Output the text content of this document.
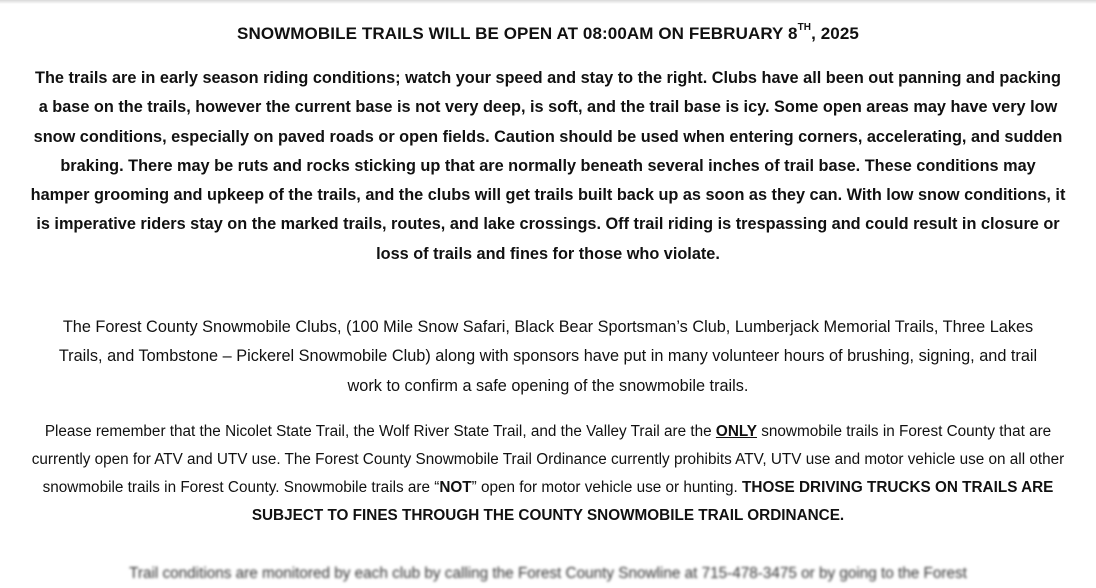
SNOWMOBILE TRAILS WILL BE OPEN AT 08:00AM ON FEBRUARY 8TH, 2025
The trails are in early season riding conditions; watch your speed and stay to the right. Clubs have all been out panning and packing a base on the trails, however the current base is not very deep, is soft, and the trail base is icy. Some open areas may have very low snow conditions, especially on paved roads or open fields. Caution should be used when entering corners, accelerating, and sudden braking. There may be ruts and rocks sticking up that are normally beneath several inches of trail base. These conditions may hamper grooming and upkeep of the trails, and the clubs will get trails built back up as soon as they can. With low snow conditions, it is imperative riders stay on the marked trails, routes, and lake crossings. Off trail riding is trespassing and could result in closure or loss of trails and fines for those who violate.
The Forest County Snowmobile Clubs, (100 Mile Snow Safari, Black Bear Sportsman’s Club, Lumberjack Memorial Trails, Three Lakes Trails, and Tombstone – Pickerel Snowmobile Club) along with sponsors have put in many volunteer hours of brushing, signing, and trail work to confirm a safe opening of the snowmobile trails.
Please remember that the Nicolet State Trail, the Wolf River State Trail, and the Valley Trail are the ONLY snowmobile trails in Forest County that are currently open for ATV and UTV use. The Forest County Snowmobile Trail Ordinance currently prohibits ATV, UTV use and motor vehicle use on all other snowmobile trails in Forest County. Snowmobile trails are “NOT” open for motor vehicle use or hunting. THOSE DRIVING TRUCKS ON TRAILS ARE SUBJECT TO FINES THROUGH THE COUNTY SNOWMOBILE TRAIL ORDINANCE.
Trail conditions are monitored by each club by calling the Forest County Snowline at 715-478-3475 or by going to the Forest
